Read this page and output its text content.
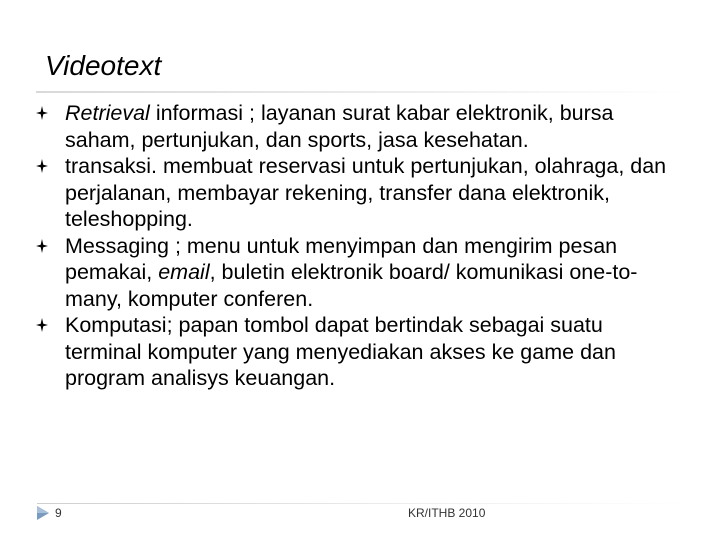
Videotext
Retrieval informasi ; layanan surat kabar elektronik, bursa saham, pertunjukan, dan sports, jasa kesehatan.
transaksi. membuat reservasi untuk pertunjukan, olahraga, dan perjalanan, membayar rekening, transfer dana elektronik, teleshopping.
Messaging ; menu untuk menyimpan dan mengirim pesan pemakai, email, buletin elektronik board/ komunikasi one-to-many, komputer conferen.
Komputasi; papan tombol dapat bertindak sebagai suatu terminal komputer yang menyediakan akses ke game dan program analisys keuangan.
9	KR/ITHB 2010
